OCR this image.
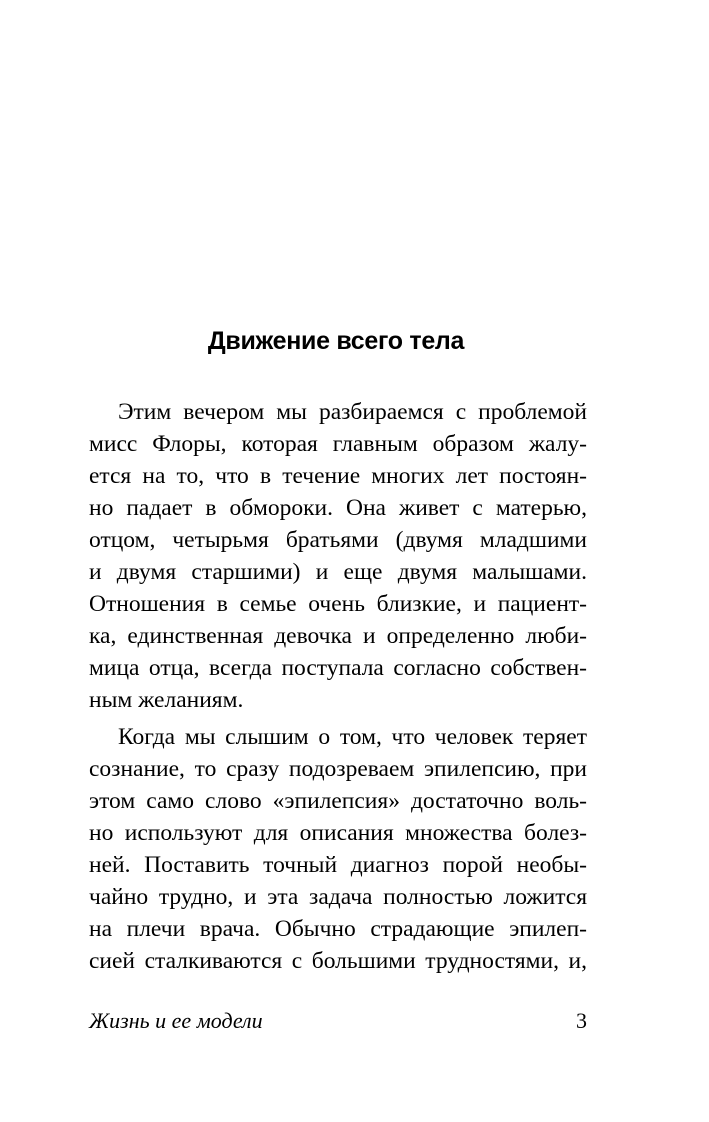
Движение всего тела
Этим вечером мы разбираемся с проблемой
мисс Флоры, которая главным образом жалу-
ется на то, что в течение многих лет постоян-
но падает в обмороки. Она живет с матерью,
отцом, четырьмя братьями (двумя младшими
и двумя старшими) и еще двумя малышами.
Отношения в семье очень близкие, и пациент-
ка, единственная девочка и определенно люби-
мица отца, всегда поступала согласно собствен-
ным желаниям.
Когда мы слышим о том, что человек теряет
сознание, то сразу подозреваем эпилепсию, при
этом само слово «эпилепсия» достаточно воль-
но используют для описания множества болез-
ней. Поставить точный диагноз порой необы-
чайно трудно, и эта задача полностью ложится
на плечи врача. Обычно страдающие эпилеп-
сией сталкиваются с большими трудностями, и,
Жизнь и ее модели	3
